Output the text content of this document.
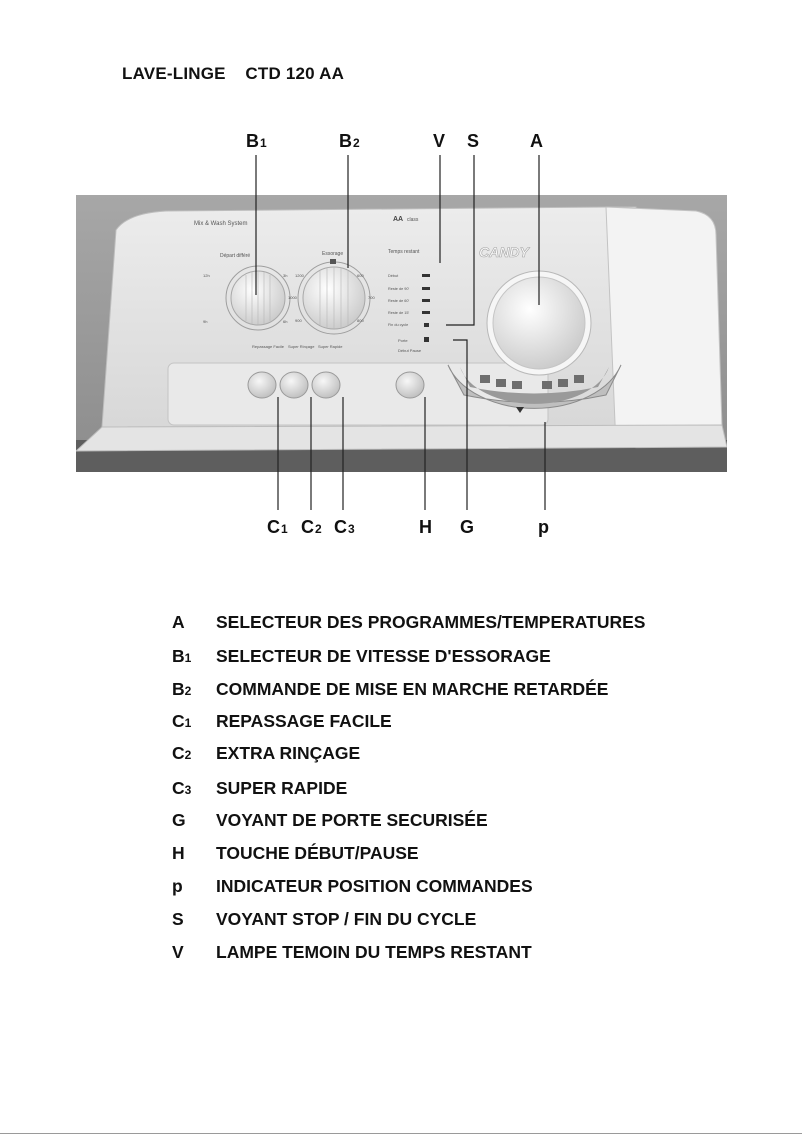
LAVE-LINGE    CTD 120 AA
B1	B2	V S	A
Mix & Wash System
AA class
CANDY
Départ différé	Essorage	Temps restant
12h	3h
9h	6h
1200	600
700
1000
800
900
Début
Reste de 90'
Reste de 60'
Reste de 15'
Fin du cycle
Porte
Début Pause
Repassage Facile Super Rinçage Super Rapide
C1 C2 C3	H G	p
A	SELECTEUR DES PROGRAMMES/TEMPERATURES
B1	SELECTEUR DE VITESSE D'ESSORAGE
B2	COMMANDE DE MISE EN MARCHE RETARDÉE
C1	REPASSAGE FACILE
C2	EXTRA RINÇAGE
C3	SUPER RAPIDE
G	VOYANT DE PORTE SECURISÉE
H	TOUCHE DÉBUT/PAUSE
p	INDICATEUR POSITION COMMANDES
S	VOYANT STOP / FIN DU CYCLE
V	LAMPE TEMOIN DU TEMPS RESTANT
